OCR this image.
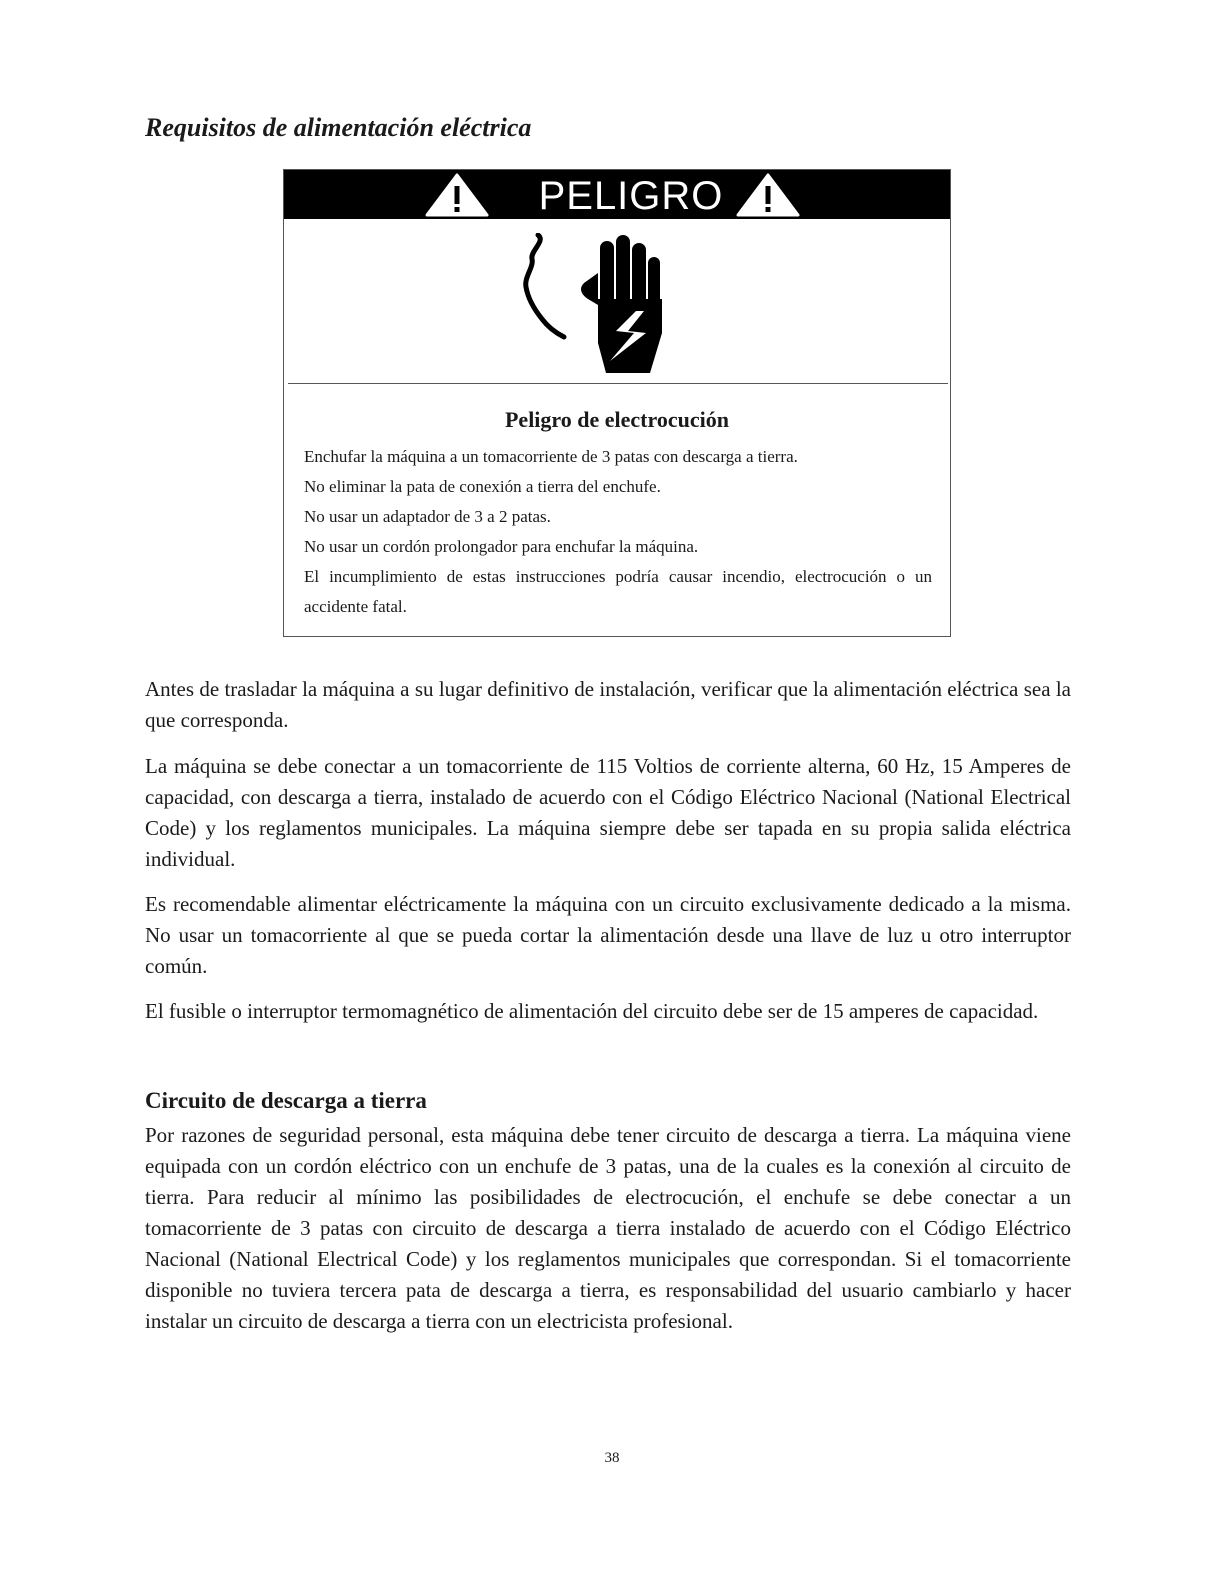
Requisitos de alimentación eléctrica
PELIGRO
Peligro de electrocución
Enchufar la máquina a un tomacorriente de 3 patas con descarga a tierra.
No eliminar la pata de conexión a tierra del enchufe.
No usar un adaptador de 3 a 2 patas.
No usar un cordón prolongador para enchufar la máquina.
El incumplimiento de estas instrucciones podría causar incendio, electrocución o un accidente fatal.

Antes de trasladar la máquina a su lugar definitivo de instalación, verificar que la alimentación eléctrica sea la que corresponda.

La máquina se debe conectar a un tomacorriente de 115 Voltios de corriente alterna, 60 Hz, 15 Amperes de capacidad, con descarga a tierra, instalado de acuerdo con el Código Eléctrico Nacional (National Electrical Code) y los reglamentos municipales. La máquina siempre debe ser tapada en su propia salida eléctrica individual.

Es recomendable alimentar eléctricamente la máquina con un circuito exclusivamente dedicado a la misma. No usar un tomacorriente al que se pueda cortar la alimentación desde una llave de luz u otro interruptor común.

El fusible o interruptor termomagnético de alimentación del circuito debe ser de 15 amperes de capacidad.

Circuito de descarga a tierra

Por razones de seguridad personal, esta máquina debe tener circuito de descarga a tierra. La máquina viene equipada con un cordón eléctrico con un enchufe de 3 patas, una de la cuales es la conexión al circuito de tierra. Para reducir al mínimo las posibilidades de electrocución, el enchufe se debe conectar a un tomacorriente de 3 patas con circuito de descarga a tierra instalado de acuerdo con el Código Eléctrico Nacional (National Electrical Code) y los reglamentos municipales que correspondan. Si el tomacorriente disponible no tuviera tercera pata de descarga a tierra, es responsabilidad del usuario cambiarlo y hacer instalar un circuito de descarga a tierra con un electricista profesional.

38
